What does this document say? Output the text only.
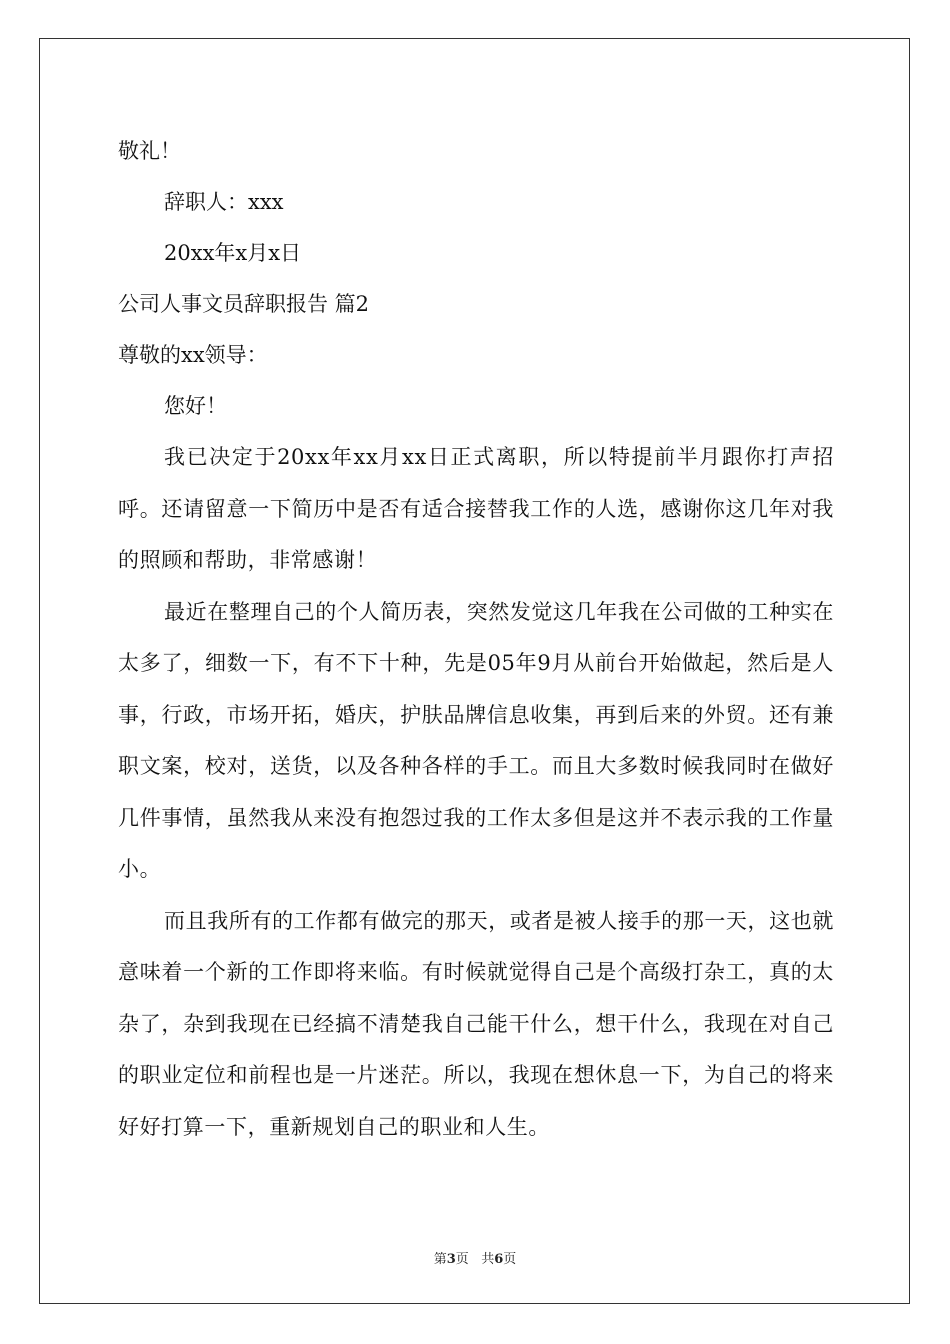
敬礼！
辞职人：xxx
20xx年x月x日
公司人事文员辞职报告 篇2
尊敬的xx领导：
您好！

我已决定于20xx年xx月xx日正式离职，所以特提前半月跟你打声招呼。还请留意一下简历中是否有适合接替我工作的人选，感谢你这几年对我的照顾和帮助，非常感谢！

最近在整理自己的个人简历表，突然发觉这几年我在公司做的工种实在太多了，细数一下，有不下十种，先是05年9月从前台开始做起，然后是人事，行政，市场开拓，婚庆，护肤品牌信息收集，再到后来的外贸。还有兼职文案，校对，送货，以及各种各样的手工。而且大多数时候我同时在做好几件事情，虽然我从来没有抱怨过我的工作太多但是这并不表示我的工作量小。

而且我所有的工作都有做完的那天，或者是被人接手的那一天，这也就意味着一个新的工作即将来临。有时候就觉得自己是个高级打杂工，真的太杂了，杂到我现在已经搞不清楚我自己能干什么，想干什么，我现在对自己的职业定位和前程也是一片迷茫。所以，我现在想休息一下，为自己的将来好好打算一下，重新规划自己的职业和人生。

第3页 共6页
